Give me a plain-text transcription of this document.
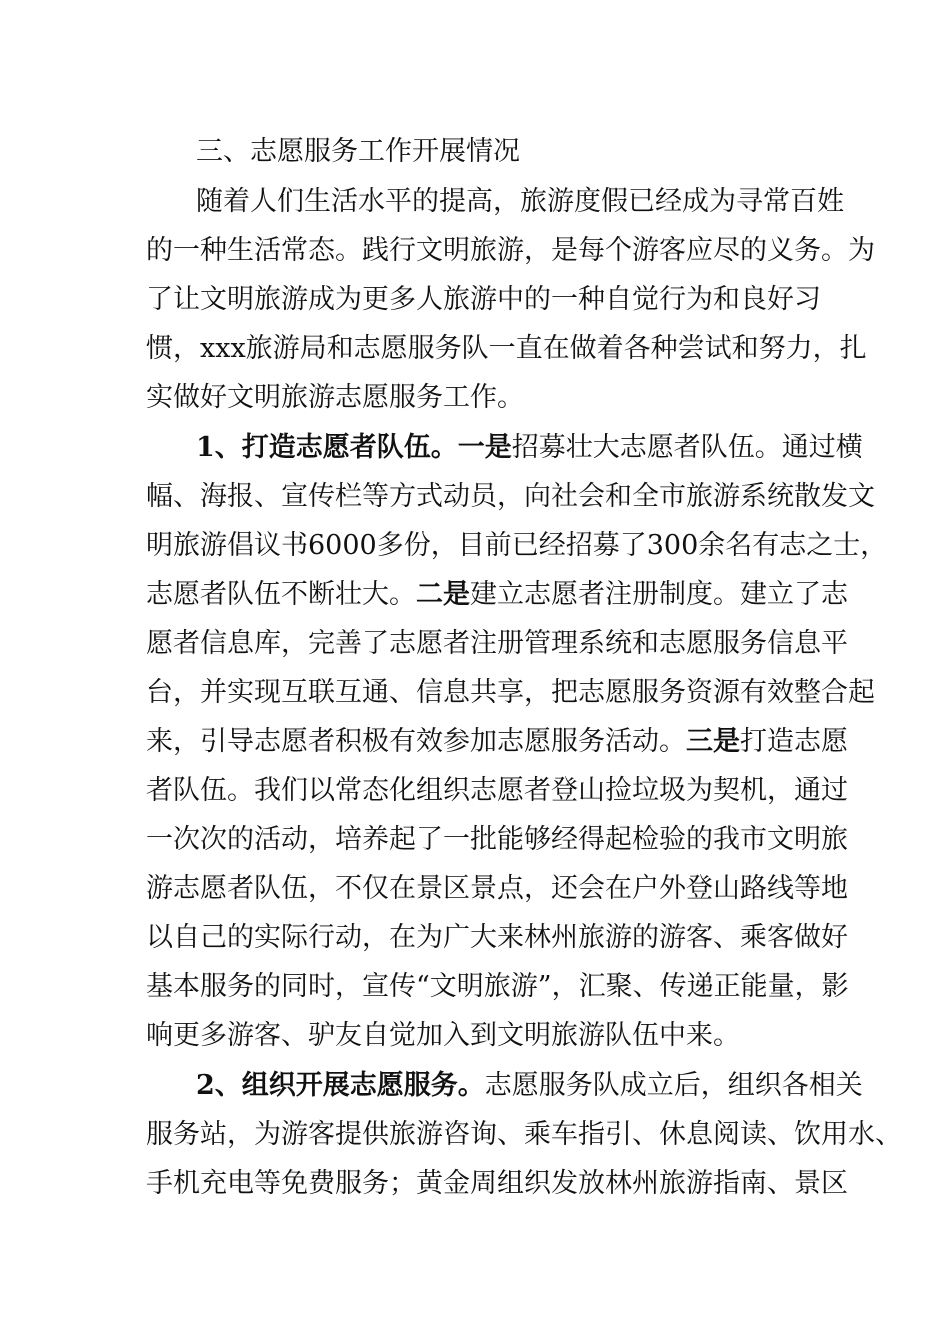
三、志愿服务工作开展情况
随着人们生活水平的提高，旅游度假已经成为寻常百姓
的一种生活常态。践行文明旅游，是每个游客应尽的义务。为
了让文明旅游成为更多人旅游中的一种自觉行为和良好习
惯，xxx旅游局和志愿服务队一直在做着各种尝试和努力，扎
实做好文明旅游志愿服务工作。
1、打造志愿者队伍。一是 招募壮大志愿者队伍。通过横
幅、海报、宣传栏等方式动员，向社会和全市旅游系统散发文
明旅游倡议书6000多份，目前已经招募了300余名有志之士，
志愿者队伍不断壮大。二是 建立志愿者注册制度。建立了志
愿者信息库，完善了志愿者注册管理系统和志愿服务信息平
台，并实现互联互通、信息共享，把志愿服务资源有效整合起
来，引导志愿者积极有效参加志愿服务活动。三是 打造志愿
者队伍。我们以常态化组织志愿者登山捡垃圾为契机，通过
一次次的活动，培养起了一批能够经得起检验的我市文明旅
游志愿者队伍，不仅在景区景点，还会在户外登山路线等地
以自己的实际行动，在为广大来林州旅游的游客、乘客做好
基本服务的同时，宣传“文明旅游”，汇聚、传递正能量，影
响更多游客、驴友自觉加入到文明旅游队伍中来。
2、组织开展志愿服务。 志愿服务队成立后，组织各相关
服务站，为游客提供旅游咨询、乘车指引、休息阅读、饮用水、
手机充电等免费服务；黄金周组织发放林州旅游指南、景区
